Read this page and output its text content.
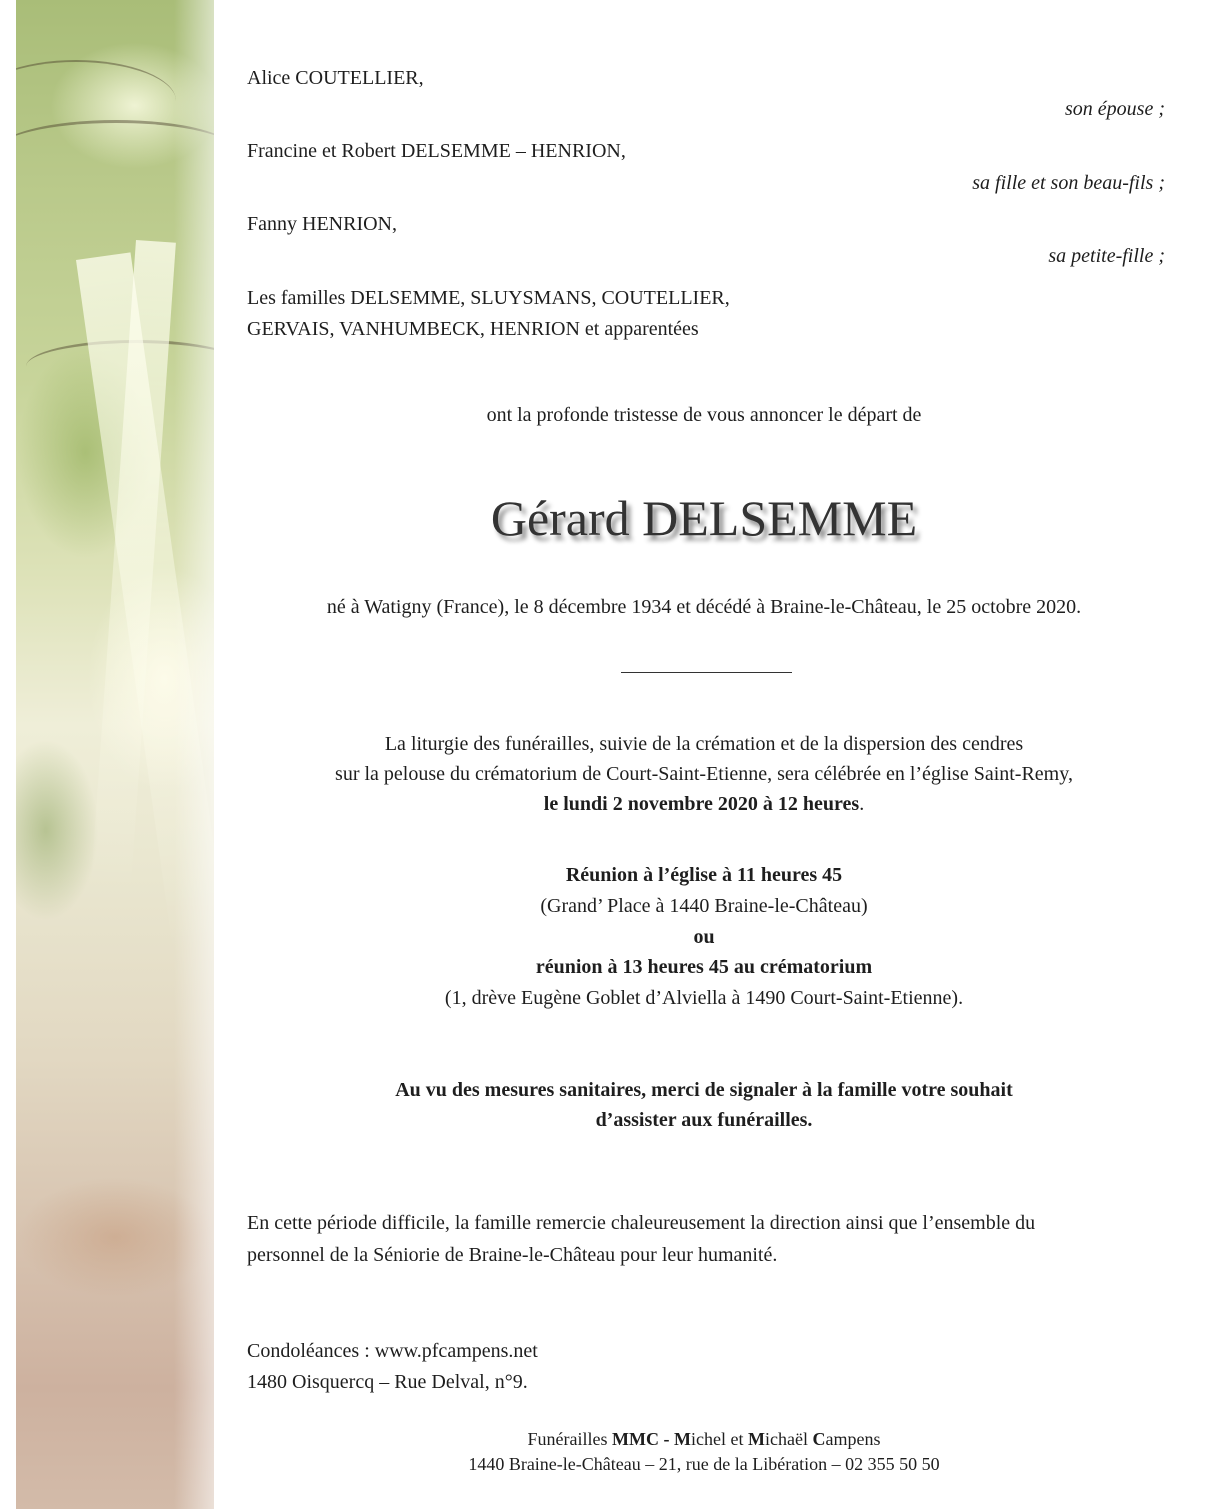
Alice COUTELLIER,
son épouse ;
Francine et Robert DELSEMME – HENRION,
sa fille et son beau-fils ;
Fanny HENRION,
sa petite-fille ;
Les familles DELSEMME, SLUYSMANS, COUTELLIER,
GERVAIS, VANHUMBECK, HENRION et apparentées
ont la profonde tristesse de vous annoncer le départ de
Gérard DELSEMME
né à Watigny (France), le 8 décembre 1934 et décédé à Braine-le-Château, le 25 octobre 2020.
La liturgie des funérailles, suivie de la crémation et de la dispersion des cendres
sur la pelouse du crématorium de Court-Saint-Etienne, sera célébrée en l’église Saint-Remy,
le lundi 2 novembre 2020 à 12 heures.
Réunion à l’église à 11 heures 45
(Grand’ Place à 1440 Braine-le-Château)
ou
réunion à 13 heures 45 au crématorium
(1, drève Eugène Goblet d’Alviella à 1490 Court-Saint-Etienne).
Au vu des mesures sanitaires, merci de signaler à la famille votre souhait
d’assister aux funérailles.
En cette période difficile, la famille remercie chaleureusement la direction ainsi que l’ensemble du
personnel de la Séniorie de Braine-le-Château pour leur humanité.
Condoléances : www.pfcampens.net
1480 Oisquercq – Rue Delval, n°9.
Funérailles MMC - Michel et Michaël Campens
1440 Braine-le-Château – 21, rue de la Libération – 02 355 50 50
